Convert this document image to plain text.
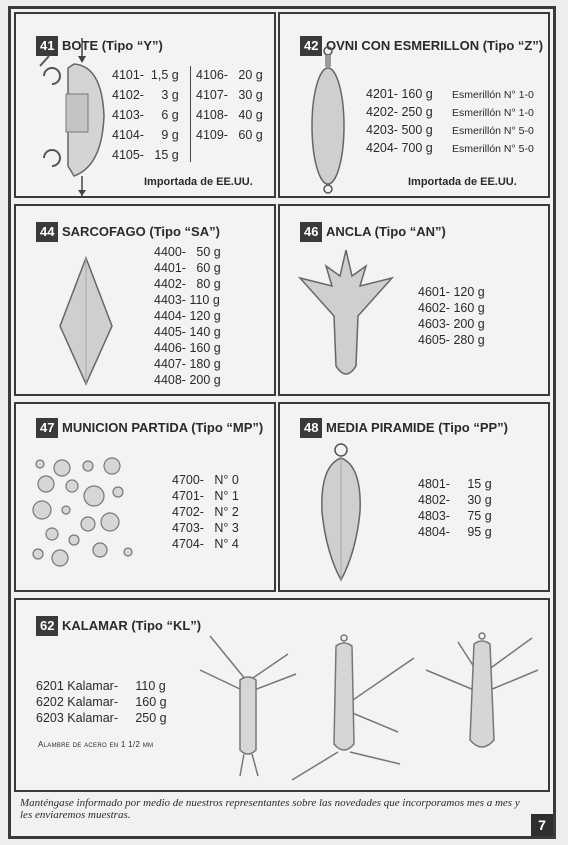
41 BOTE (Tipo “Y”)
4101-  1,5 g
4102-     3 g
4103-     6 g
4104-     9 g
4105-   15 g
4106-   20 g
4107-   30 g
4108-   40 g
4109-   60 g
Importada de EE.UU.
42 OVNI CON ESMERILLON (Tipo “Z”)
4201- 160 g
4202- 250 g
4203- 500 g
4204- 700 g
Esmerillón N° 1-0
Esmerillón N° 1-0
Esmerillón N° 5-0
Esmerillón N° 5-0
Importada de EE.UU.
44 SARCOFAGO (Tipo “SA”)
4400-   50 g
4401-   60 g
4402-   80 g
4403- 110 g
4404- 120 g
4405- 140 g
4406- 160 g
4407- 180 g
4408- 200 g
46 ANCLA (Tipo “AN”)
4601- 120 g
4602- 160 g
4603- 200 g
4605- 280 g
47 MUNICION PARTIDA (Tipo “MP”)
4700-   N° 0
4701-   N° 1
4702-   N° 2
4703-   N° 3
4704-   N° 4
48 MEDIA PIRAMIDE (Tipo “PP”)
4801-     15 g
4802-     30 g
4803-     75 g
4804-     95 g
62 KALAMAR (Tipo “KL”)
6201 Kalamar-     110 g
6202 Kalamar-     160 g
6203 Kalamar-     250 g
Alambre de acero en 1 1/2 mm
Manténgase informado por medio de nuestros representantes sobre las novedades que incorporamos mes a mes y les enviaremos muestras.
7
